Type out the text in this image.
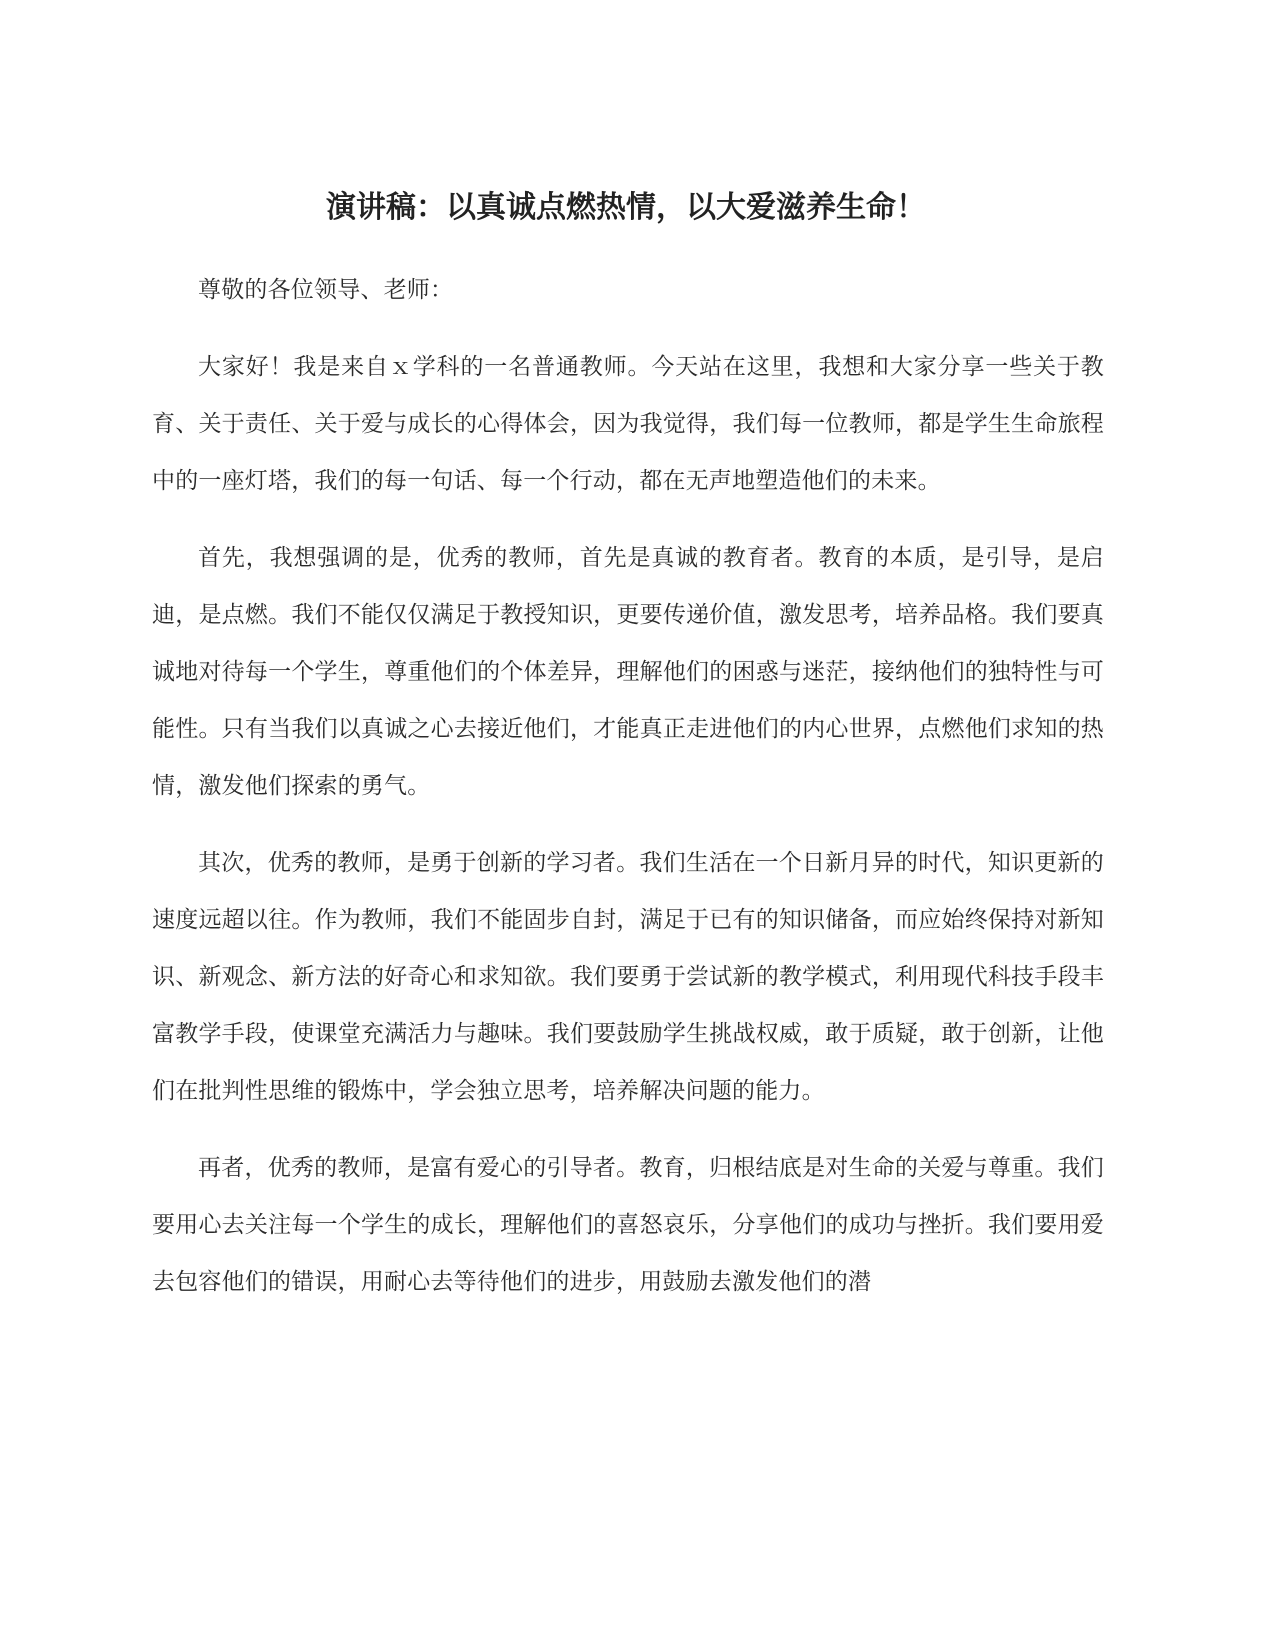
演讲稿：以真诚点燃热情，以大爱滋养生命！

尊敬的各位领导、老师：

大家好！我是来自ｘ学科的一名普通教师。今天站在这里，我想和大家分享一些关于教育、关于责任、关于爱与成长的心得体会，因为我觉得，我们每一位教师，都是学生生命旅程中的一座灯塔，我们的每一句话、每一个行动，都在无声地塑造他们的未来。

首先，我想强调的是，优秀的教师，首先是真诚的教育者。教育的本质，是引导，是启迪，是点燃。我们不能仅仅满足于教授知识，更要传递价值，激发思考，培养品格。我们要真诚地对待每一个学生，尊重他们的个体差异，理解他们的困惑与迷茫，接纳他们的独特性与可能性。只有当我们以真诚之心去接近他们，才能真正走进他们的内心世界，点燃他们求知的热情，激发他们探索的勇气。

其次，优秀的教师，是勇于创新的学习者。我们生活在一个日新月异的时代，知识更新的速度远超以往。作为教师，我们不能固步自封，满足于已有的知识储备，而应始终保持对新知识、新观念、新方法的好奇心和求知欲。我们要勇于尝试新的教学模式，利用现代科技手段丰富教学手段，使课堂充满活力与趣味。我们要鼓励学生挑战权威，敢于质疑，敢于创新，让他们在批判性思维的锻炼中，学会独立思考，培养解决问题的能力。

再者，优秀的教师，是富有爱心的引导者。教育，归根结底是对生命的关爱与尊重。我们要用心去关注每一个学生的成长，理解他们的喜怒哀乐，分享他们的成功与挫折。我们要用爱去包容他们的错误，用耐心去等待他们的进步，用鼓励去激发他们的潜
